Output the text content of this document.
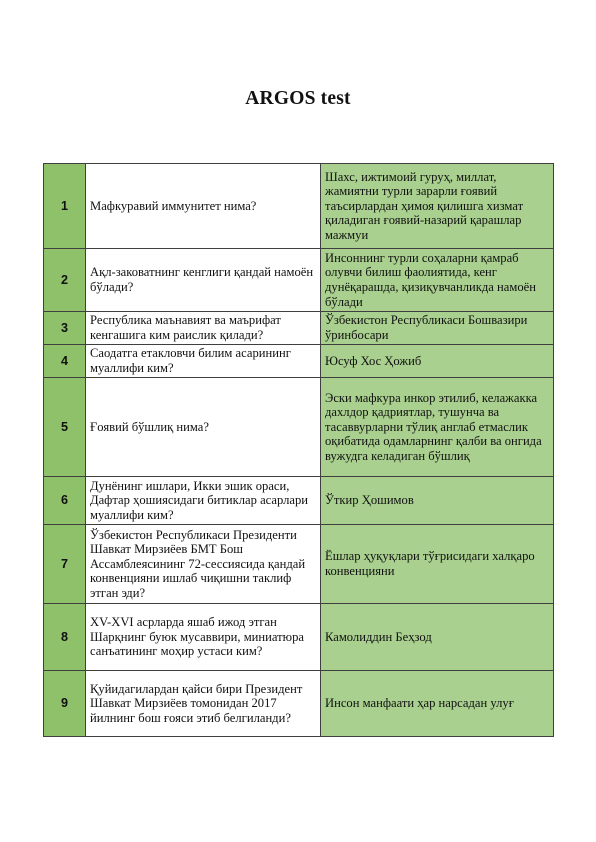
ARGOS test
1	Мафкуравий иммунитет нима?	Шахс, ижтимоий гуруҳ, миллат, жамиятни турли зарарли ғоявий таъсирлардан ҳимоя қилишга хизмат қиладиган ғоявий-назарий қарашлар мажмуи
2	Ақл-заковатнинг кенглиги қандай намоён бўлади?	Инсоннинг турли соҳаларни қамраб олувчи билиш фаолиятида, кенг дунёқарашда, қизиқувчанликда намоён бўлади
3	Республика маънавият ва маърифат кенгашига ким раислик қилади?	Ўзбекистон Республикаси Бошвазири ўринбосари
4	Саодатга етакловчи билим асарининг муаллифи ким?	Юсуф Хос Ҳожиб
5	Ғоявий бўшлиқ нима?	Эски мафкура инкор этилиб, келажакка дахлдор қадриятлар, тушунча ва тасаввурларни тўлиқ англаб етмаслик оқибатида одамларнинг қалби ва онгида вужудга келадиган бўшлиқ
6	Дунёнинг ишлари, Икки эшик ораси, Дафтар ҳошиясидаги битиклар асарлари муаллифи ким?	Ўткир Ҳошимов
7	Ўзбекистон Республикаси Президенти Шавкат Мирзиёев БМТ Бош Ассамблеясининг 72-сессиясида қандай конвенцияни ишлаб чиқишни таклиф этган эди?	Ёшлар ҳуқуқлари тўғрисидаги халқаро конвенцияни
8	XV-XVI асрларда яшаб ижод этган Шарқнинг буюк мусаввири, миниатюра санъатининг моҳир устаси ким?	Камолиддин Беҳзод
9	Қуйидагилардан қайси бири Президент Шавкат Мирзиёев томонидан 2017 йилнинг бош ғояси этиб белгиланди?	Инсон манфаати ҳар нарсадан улуғ
